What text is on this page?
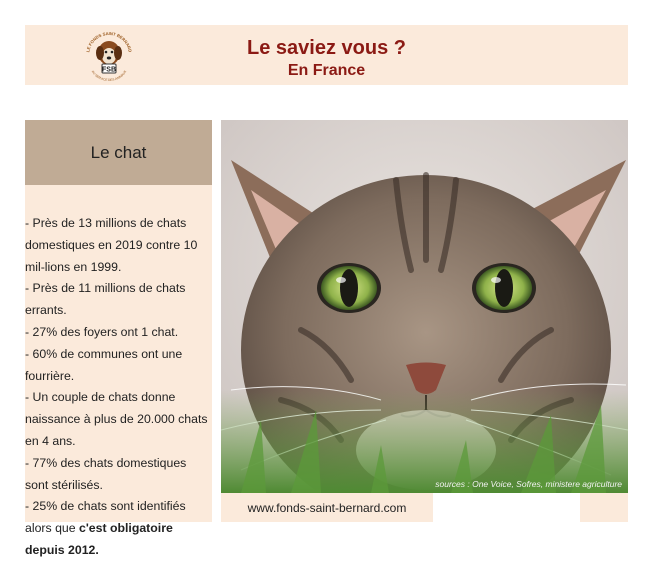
LE FONDS SAINT BERNARD
FSB
AU SERVICE DES ANIMAUX
Le saviez vous ?
En France
Le chat
- Près de 13 millions de chats domestiques en 2019 contre 10 mil-lions en 1999.
- Près de 11 millions de chats errants.
- 27% des foyers ont 1 chat.
- 60% de communes ont une fourrière.
- Un couple de chats donne naissance à plus de 20.000 chats en 4 ans.
- 77% des chats domestiques sont stérilisés.
- 25% de chats sont identifiés alors que c'est obligatoire depuis 2012.
sources : One Voice, Sofres, ministere agriculture
www.fonds-saint-bernard.com
